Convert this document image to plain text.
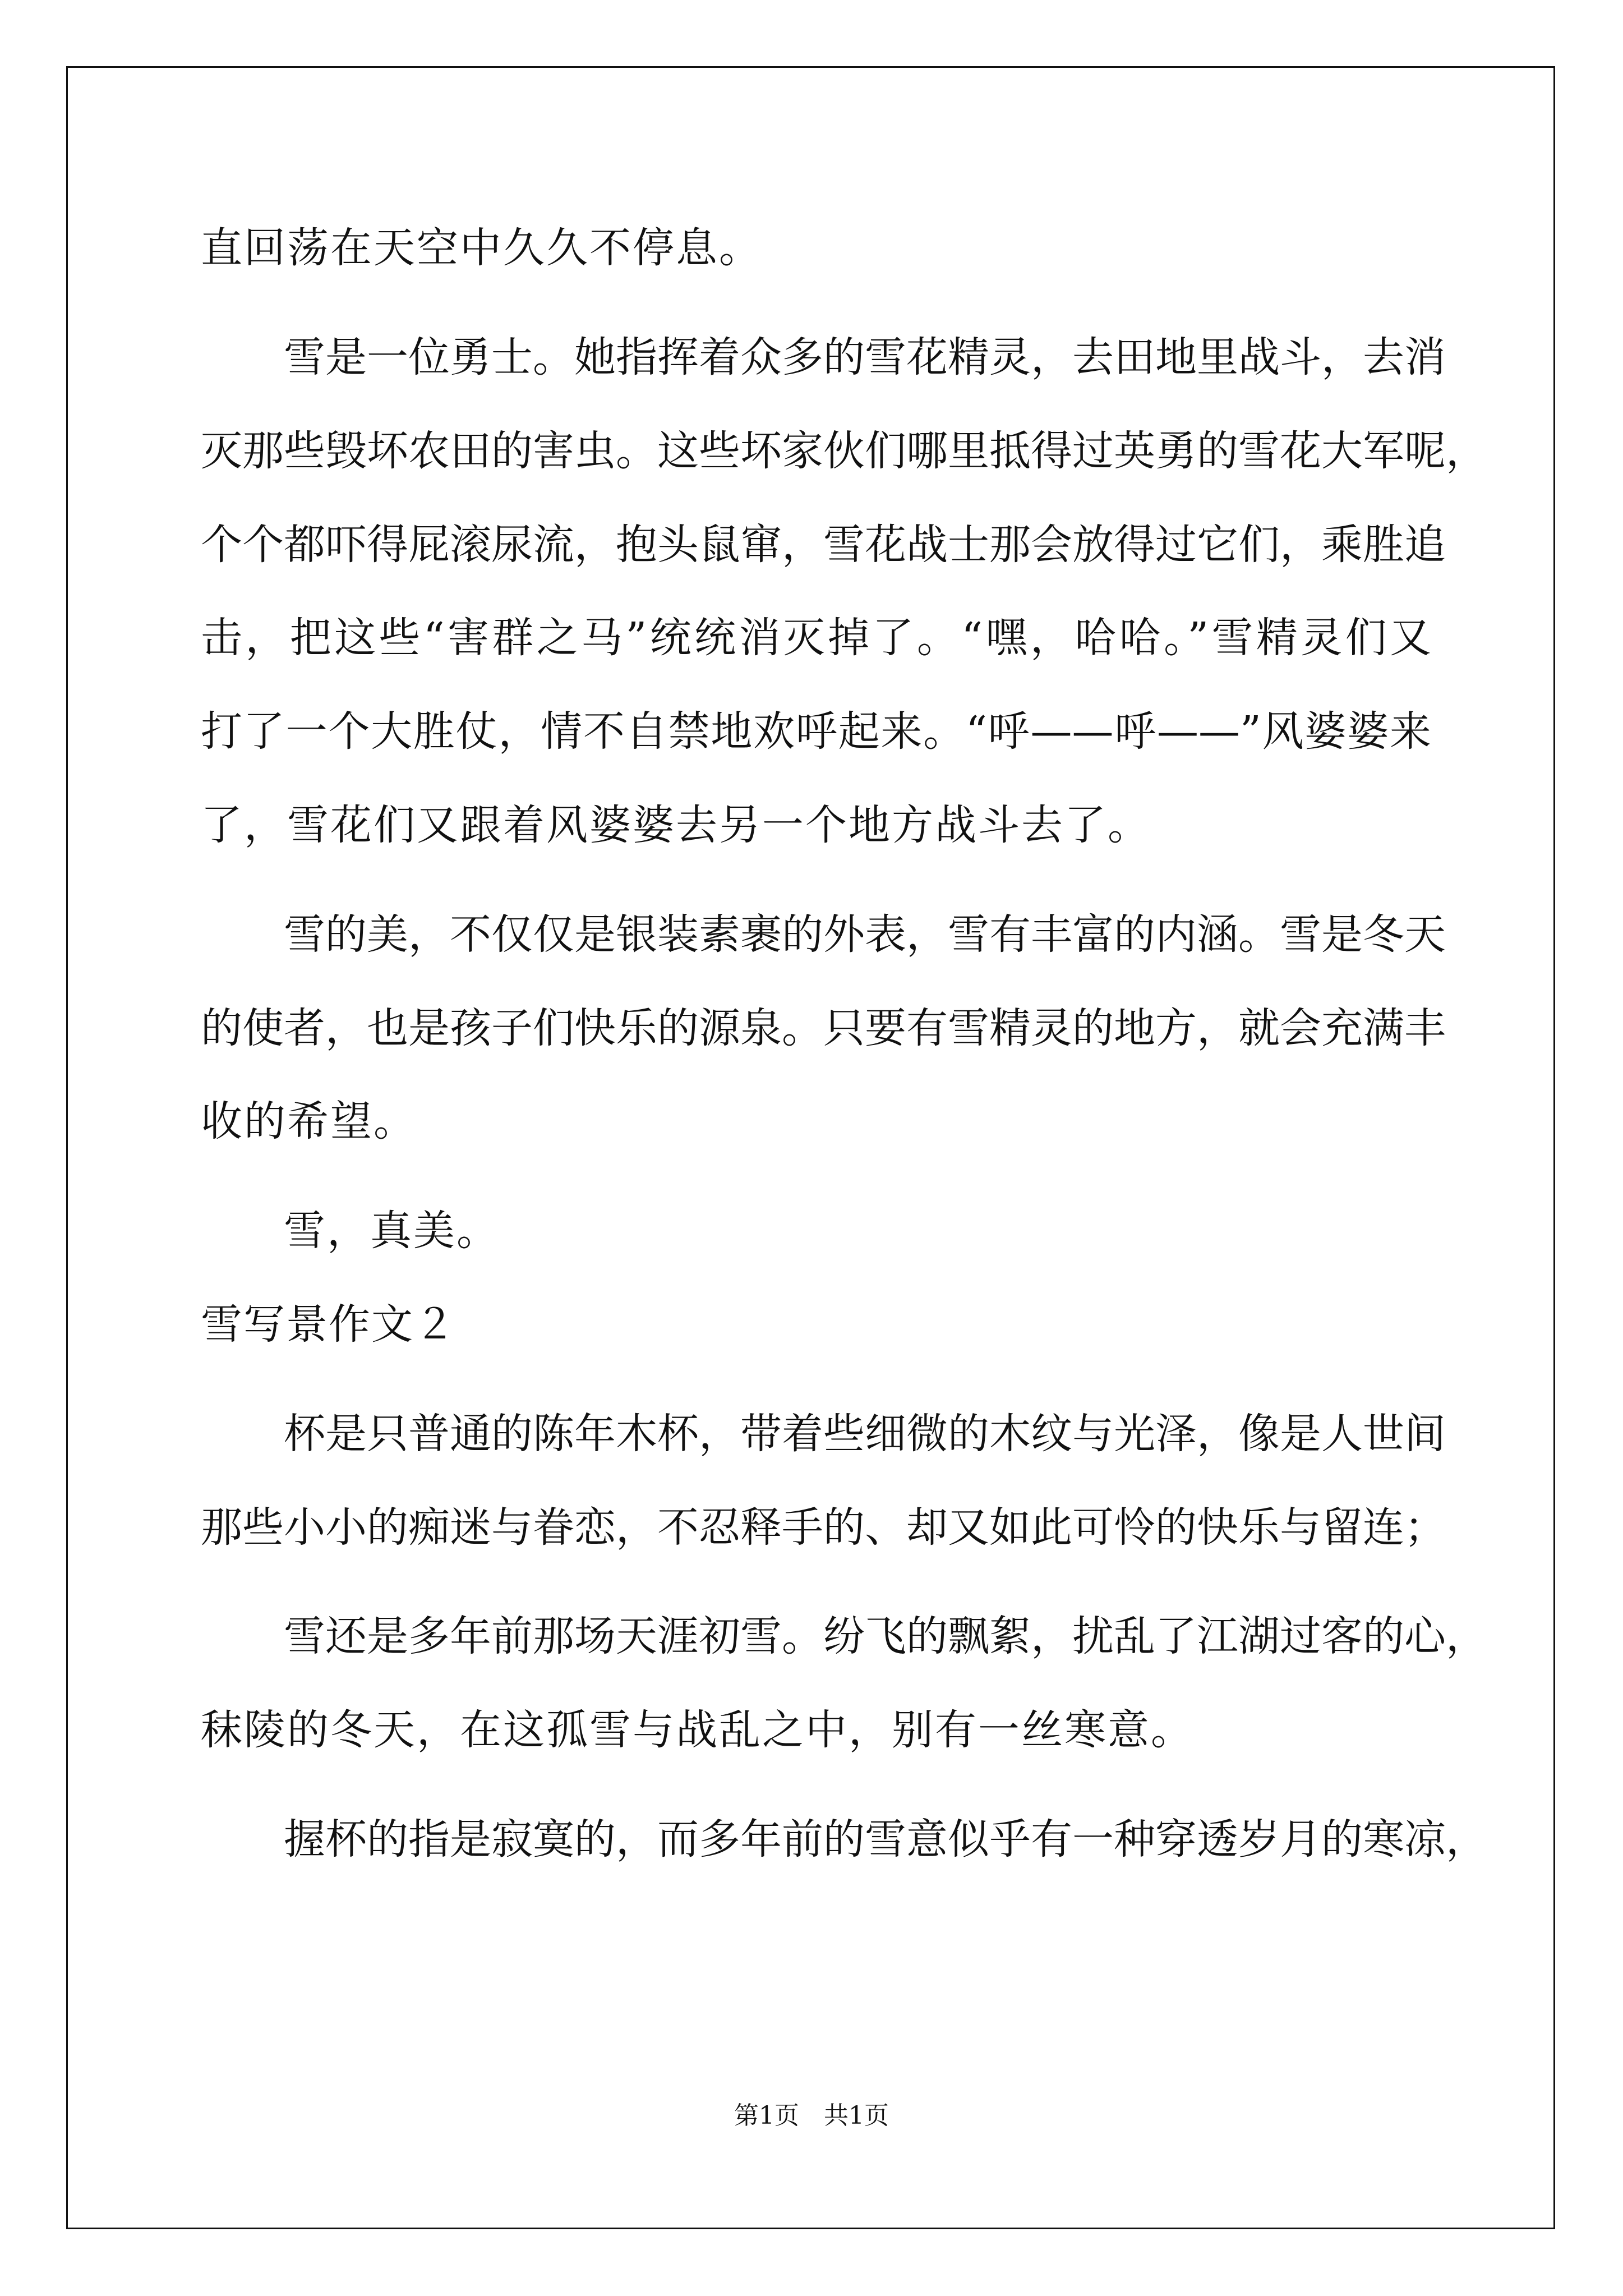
直回荡在天空中久久不停息。

雪是一位勇士。她指挥着众多的雪花精灵，去田地里战斗，去消

灭那些毁坏农田的害虫。这些坏家伙们哪里抵得过英勇的雪花大军呢，

个个都吓得屁滚尿流，抱头鼠窜，雪花战士那会放得过它们，乘胜追

击，把这些“害群之马”统统消灭掉了。“嘿，哈哈。”雪精灵们又

打了一个大胜仗，情不自禁地欢呼起来。“呼——呼——”风婆婆来

了，雪花们又跟着风婆婆去另一个地方战斗去了。

雪的美，不仅仅是银装素裹的外表，雪有丰富的内涵。雪是冬天

的使者，也是孩子们快乐的源泉。只要有雪精灵的地方，就会充满丰

收的希望。

雪，真美。

雪写景作文２

杯是只普通的陈年木杯，带着些细微的木纹与光泽，像是人世间

那些小小的痴迷与眷恋，不忍释手的、却又如此可怜的快乐与留连；

雪还是多年前那场天涯初雪。纷飞的飘絮，扰乱了江湖过客的心，

秣陵的冬天，在这孤雪与战乱之中，别有一丝寒意。

握杯的指是寂寞的，而多年前的雪意似乎有一种穿透岁月的寒凉，

第1页　共1页
